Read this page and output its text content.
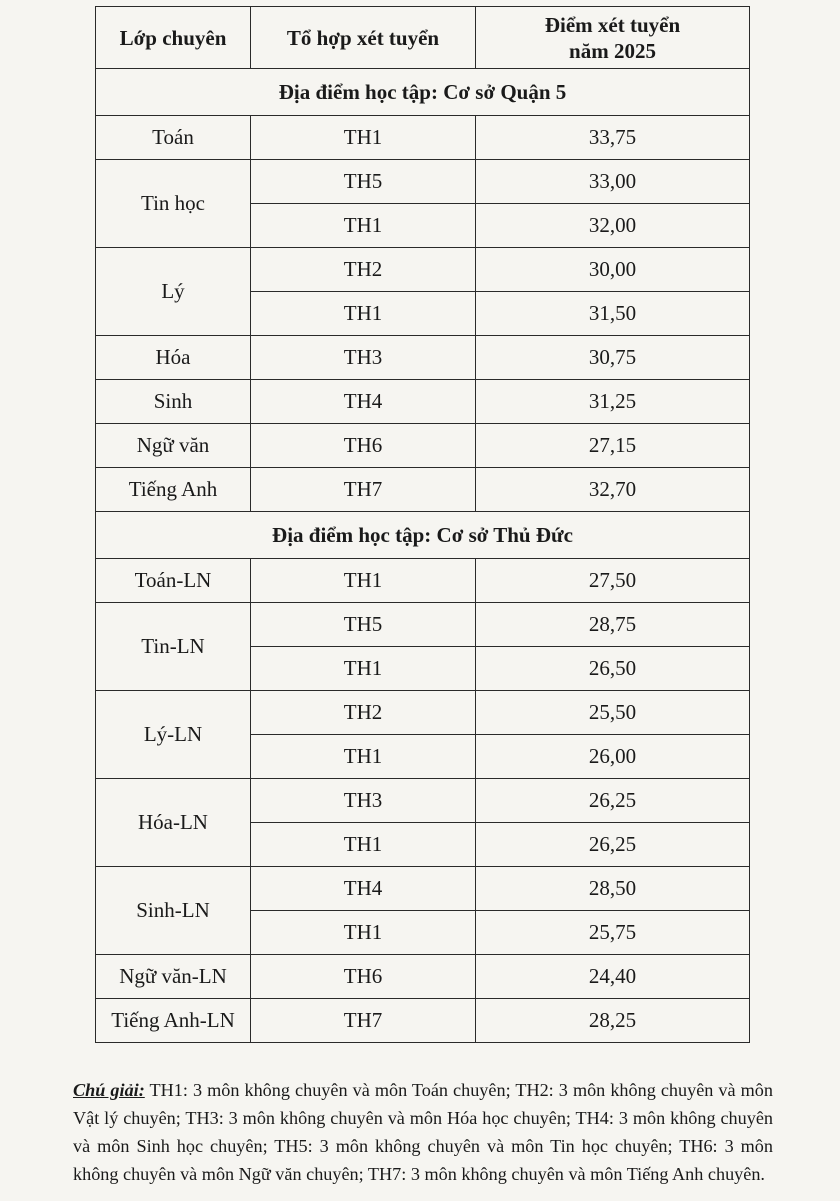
Lớp chuyên	Tổ hợp xét tuyển	Điểm xét tuyển
năm 2025
Địa điểm học tập: Cơ sở Quận 5		
Toán	TH1	33,75
Tin học	TH5	33,00
	TH1	32,00
Lý	TH2	30,00
	TH1	31,50
Hóa	TH3	30,75
Sinh	TH4	31,25
Ngữ văn	TH6	27,15
Tiếng Anh	TH7	32,70
Địa điểm học tập: Cơ sở Thủ Đức		
Toán-LN	TH1	27,50
Tin-LN	TH5	28,75
	TH1	26,50
Lý-LN	TH2	25,50
	TH1	26,00
Hóa-LN	TH3	26,25
	TH1	26,25
Sinh-LN	TH4	28,50
	TH1	25,75
Ngữ văn-LN	TH6	24,40
Tiếng Anh-LN	TH7	28,25
Chú giải: TH1: 3 môn không chuyên và môn Toán chuyên; TH2: 3 môn không chuyên và môn Vật lý chuyên; TH3: 3 môn không chuyên và môn Hóa học chuyên; TH4: 3 môn không chuyên và môn Sinh học chuyên; TH5: 3 môn không chuyên và môn Tin học chuyên; TH6: 3 môn không chuyên và môn Ngữ văn chuyên; TH7: 3 môn không chuyên và môn Tiếng Anh chuyên.
